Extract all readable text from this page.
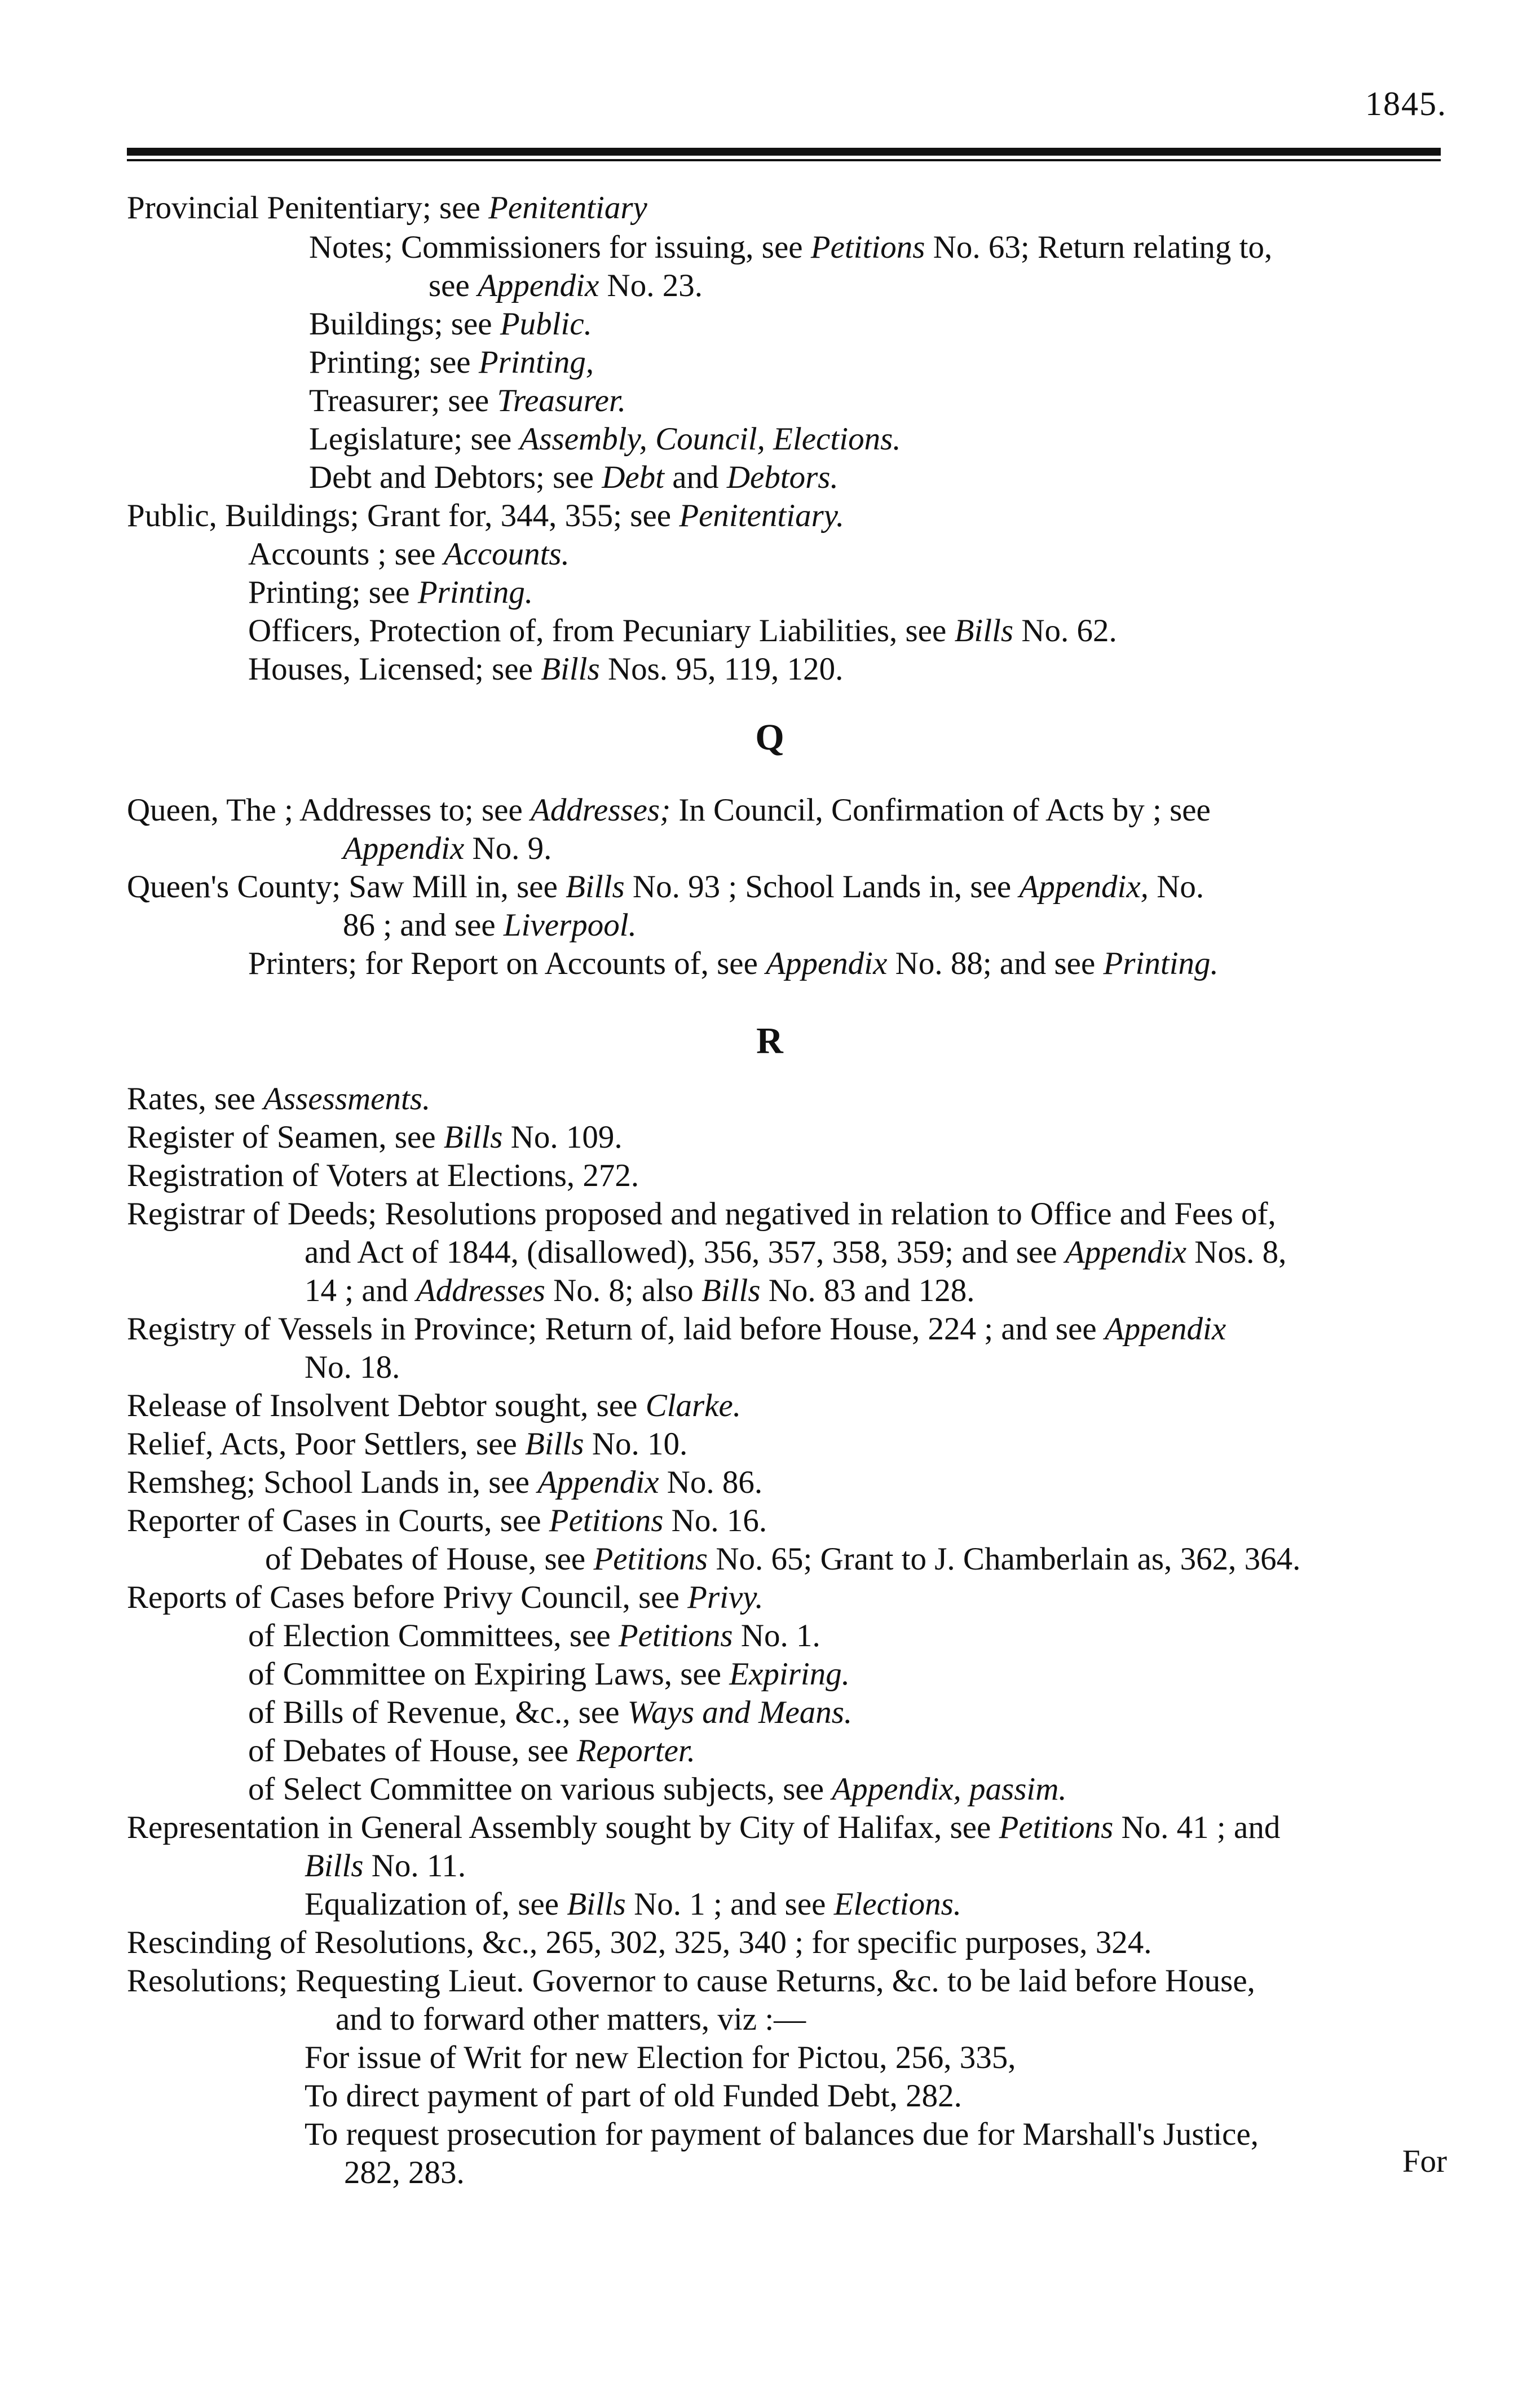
1845.
Provincial Penitentiary; see Penitentiary
Notes; Commissioners for issuing, see Petitions No. 63; Return relating to,
see Appendix No. 23.
Buildings; see Public.
Printing; see Printing,
Treasurer; see Treasurer.
Legislature; see Assembly, Council, Elections.
Debt and Debtors; see Debt and Debtors.
Public, Buildings; Grant for, 344, 355; see Penitentiary.
Accounts ; see Accounts.
Printing; see Printing.
Officers, Protection of, from Pecuniary Liabilities, see Bills No. 62.
Houses, Licensed; see Bills Nos. 95, 119, 120.
Q
Queen, The ; Addresses to; see Addresses; In Council, Confirmation of Acts by ; see
Appendix No. 9.
Queen's County; Saw Mill in, see Bills No. 93 ; School Lands in, see Appendix, No.
86 ; and see Liverpool.
Printers; for Report on Accounts of, see Appendix No. 88; and see Printing.
R
Rates, see Assessments.
Register of Seamen, see Bills No. 109.
Registration of Voters at Elections, 272.
Registrar of Deeds; Resolutions proposed and negatived in relation to Office and Fees of,
and Act of 1844, (disallowed), 356, 357, 358, 359; and see Appendix Nos. 8,
14 ; and Addresses No. 8; also Bills No. 83 and 128.
Registry of Vessels in Province; Return of, laid before House, 224 ; and see Appendix
No. 18.
Release of Insolvent Debtor sought, see Clarke.
Relief, Acts, Poor Settlers, see Bills No. 10.
Remsheg; School Lands in, see Appendix No. 86.
Reporter of Cases in Courts, see Petitions No. 16.
of Debates of House, see Petitions No. 65; Grant to J. Chamberlain as, 362, 364.
Reports of Cases before Privy Council, see Privy.
of Election Committees, see Petitions No. 1.
of Committee on Expiring Laws, see Expiring.
of Bills of Revenue, &c., see Ways and Means.
of Debates of House, see Reporter.
of Select Committee on various subjects, see Appendix, passim.
Representation in General Assembly sought by City of Halifax, see Petitions No. 41 ; and
Bills No. 11.
Equalization of, see Bills No. 1 ; and see Elections.
Rescinding of Resolutions, &c., 265, 302, 325, 340 ; for specific purposes, 324.
Resolutions; Requesting Lieut. Governor to cause Returns, &c. to be laid before House,
and to forward other matters, viz :—
For issue of Writ for new Election for Pictou, 256, 335,
To direct payment of part of old Funded Debt, 282.
To request prosecution for payment of balances due for Marshall's Justice,
282, 283.	For
